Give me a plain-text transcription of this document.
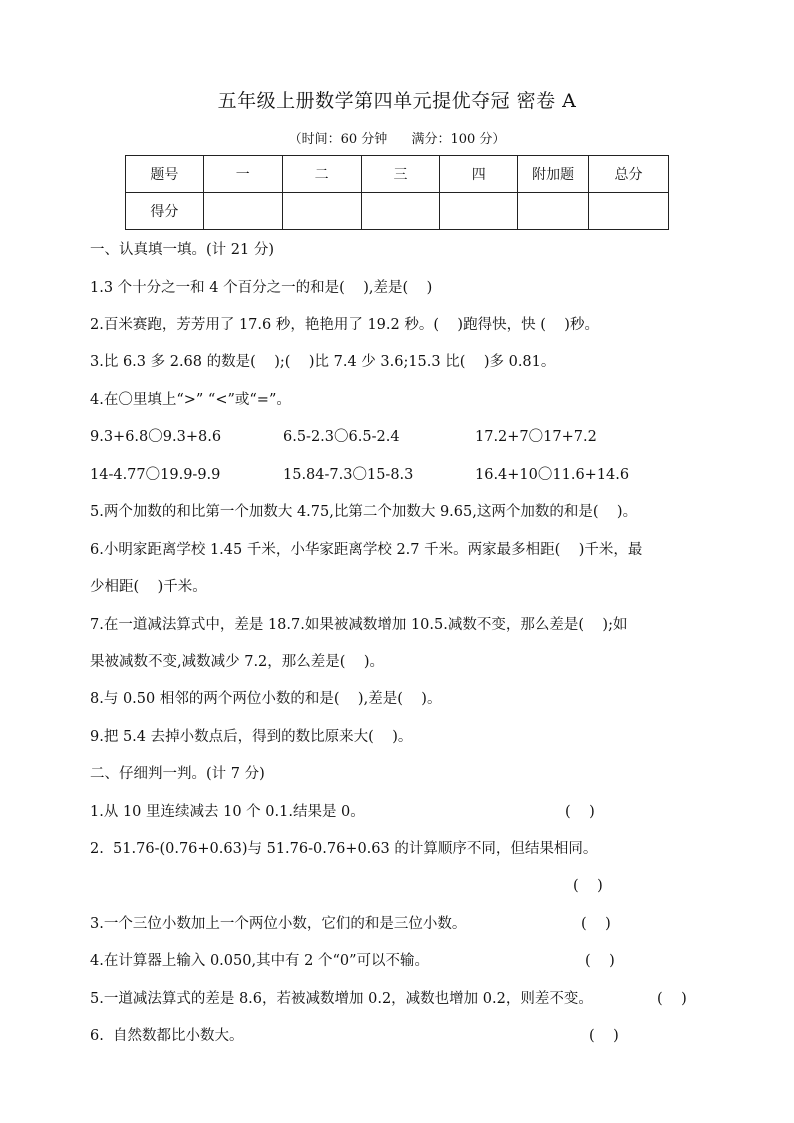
五年级上册数学第四单元提优夺冠 密卷 A
（时间：60 分钟 满分：100 分）
题号	一	二	三	四	附加题	总分
得分						
一、认真填一填。(计 21 分)
1.3 个十分之一和 4 个百分之一的和是(    ),差是(    )
2.百米赛跑，芳芳用了 17.6 秒，艳艳用了 19.2 秒。(    )跑得快，快 (    )秒。
3.比 6.3 多 2.68 的数是(    );(    )比 7.4 少 3.6;15.3 比(    )多 0.81。
4.在〇里填上“>” “<”或“=”。
9.3+6.8〇9.3+8.6	6.5-2.3〇6.5-2.4	17.2+7〇17+7.2
14-4.77〇19.9-9.9	15.84-7.3〇15-8.3	16.4+10〇11.6+14.6
5.两个加数的和比第一个加数大 4.75,比第二个加数大 9.65,这两个加数的和是(    )。
6.小明家距离学校 1.45 千米，小华家距离学校 2.7 千米。两家最多相距(    )千米，最
少相距(    )千米。
7.在一道减法算式中，差是 18.7.如果被减数增加 10.5.减数不变，那么差是(    );如
果被减数不变,减数减少 7.2，那么差是(    )。
8.与 0.50 相邻的两个两位小数的和是(    ),差是(    )。
9.把 5.4 去掉小数点后，得到的数比原来大(    )。
二、仔细判一判。(计 7 分)
1.从 10 里连续减去 10 个 0.1.结果是 0。	(    )
2.  51.76-(0.76+0.63)与 51.76-0.76+0.63 的计算顺序不同，但结果相同。
(    )
3.一个三位小数加上一个两位小数，它们的和是三位小数。	(    )
4.在计算器上输入 0.050,其中有 2 个“0”可以不输。	(    )
5.一道减法算式的差是 8.6，若被减数增加 0.2，减数也增加 0.2，则差不变。	(    )
6.  自然数都比小数大。	(    )
